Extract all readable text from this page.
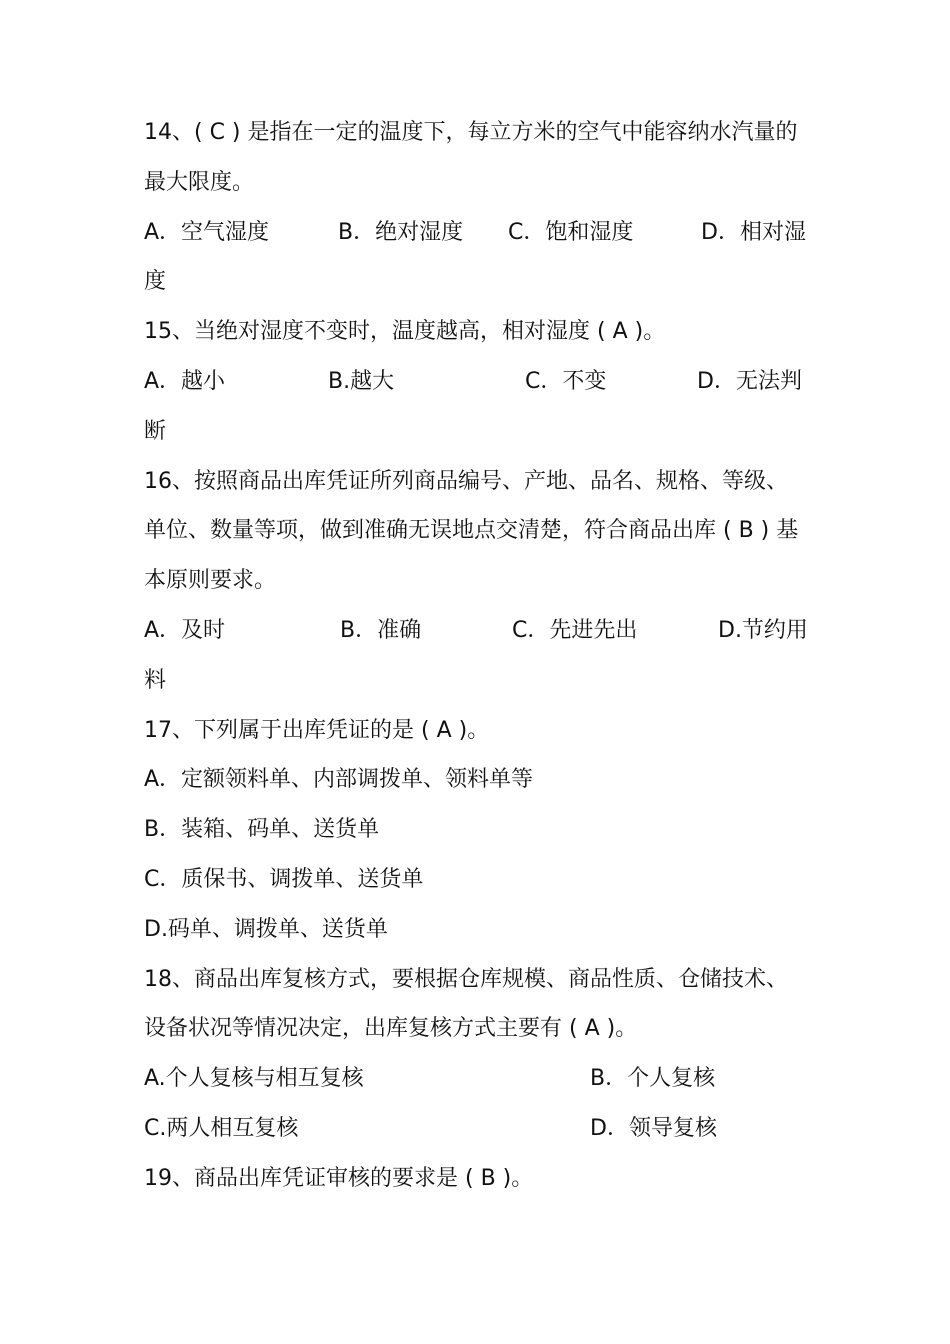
14、( C ) 是指在一定的温度下，每立方米的空气中能容纳水汽量的
最大限度。
A．空气湿度	B．绝对湿度 C．饱和湿度	D．相对湿
度
15、当绝对湿度不变时，温度越高，相对湿度 ( A )。
A．越小	B.越大	C．不变	D．无法判
断
16、按照商品出库凭证所列商品编号、产地、品名、规格、等级、
单位、数量等项，做到准确无误地点交清楚，符合商品出库 ( B ) 基
本原则要求。
A．及时	B．准确	C．先进先出	D.节约用
料
17、下列属于出库凭证的是 ( A )。
A．定额领料单、内部调拨单、领料单等
B．装箱、码单、送货单
C．质保书、调拨单、送货单
D.码单、调拨单、送货单
18、商品出库复核方式，要根据仓库规模、商品性质、仓储技术、
设备状况等情况决定，出库复核方式主要有 ( A )。
A.个人复核与相互复核	B．个人复核
C.两人相互复核	D．领导复核
19、商品出库凭证审核的要求是 ( B )。
